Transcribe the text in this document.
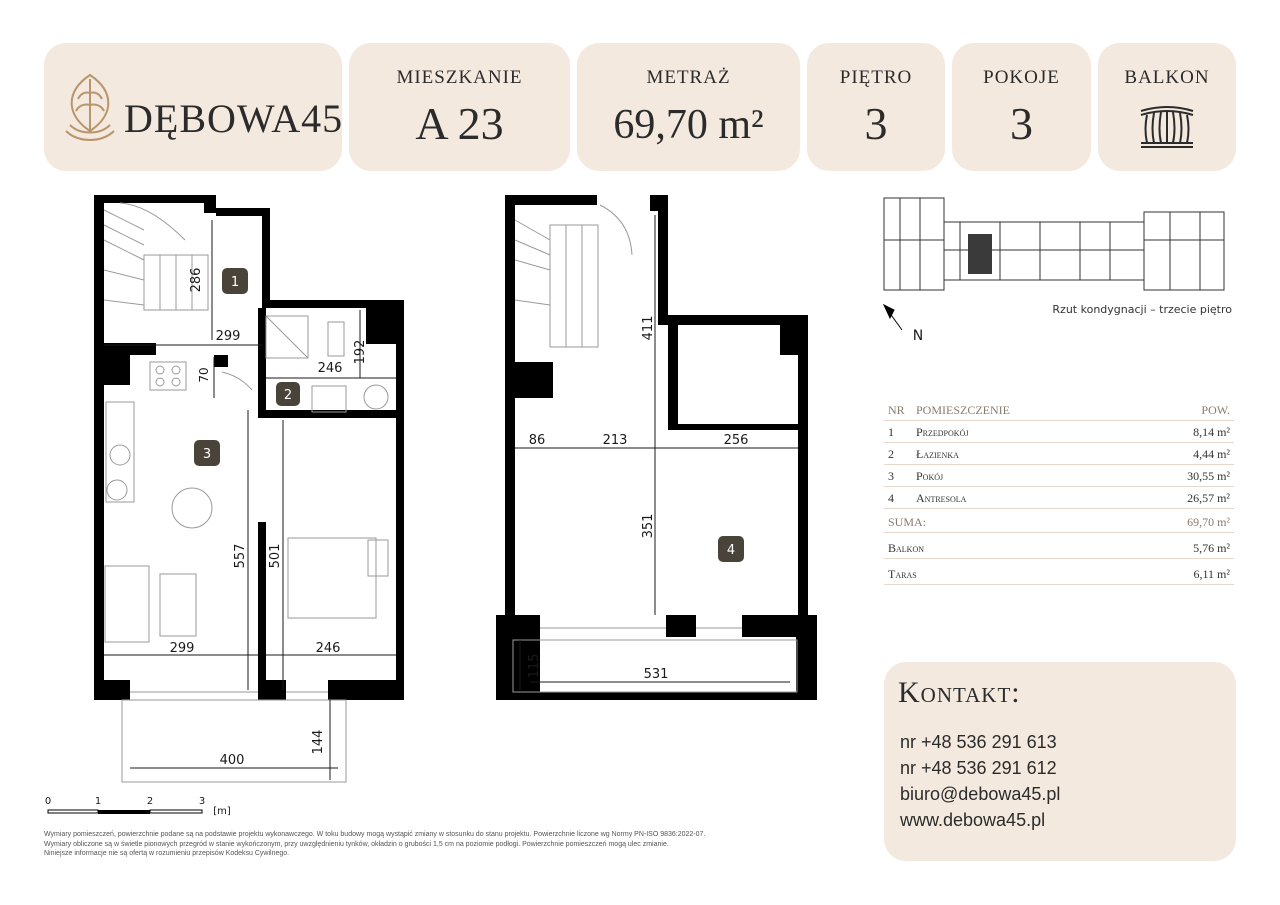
DĘBOWA45
MIESZKANIE
A 23
METRAŻ
69,70 m²
PIĘTRO
3
POKOJE
3
BALKON
286
299
192
70	246
557 501
299	246
400
144
1
2
3
411
86	213	256
351
115	531
4
0	1	2	3
[m]
Rzut kondygnacji – trzecie piętro
N
NR POMIESZCZENIE	POW.
1 Przedpokój	8,14 m²
2 Łazienka	4,44 m²
3 Pokój	30,55 m²
4 Antresola	26,57 m²
SUMA:	69,70 m²
Balkon	5,76 m²
Taras	6,11 m²
Kontakt:
nr +48 536 291 613
nr +48 536 291 612
biuro@debowa45.pl
www.debowa45.pl
Wymiary pomieszczeń, powierzchnie podane są na podstawie projektu wykonawczego. W toku budowy mogą wystąpić zmiany w stosunku do stanu projektu. Powierzchnie liczone wg Normy PN-ISO 9836:2022-07.
Wymiary obliczone są w świetle pionowych przegród w stanie wykończonym, przy uwzględnieniu tynków, okładzin o grubości 1,5 cm na poziomie podłogi. Powierzchnie pomieszczeń mogą ulec zmianie.
Niniejsze informacje nie są ofertą w rozumieniu przepisów Kodeksu Cywilnego.
